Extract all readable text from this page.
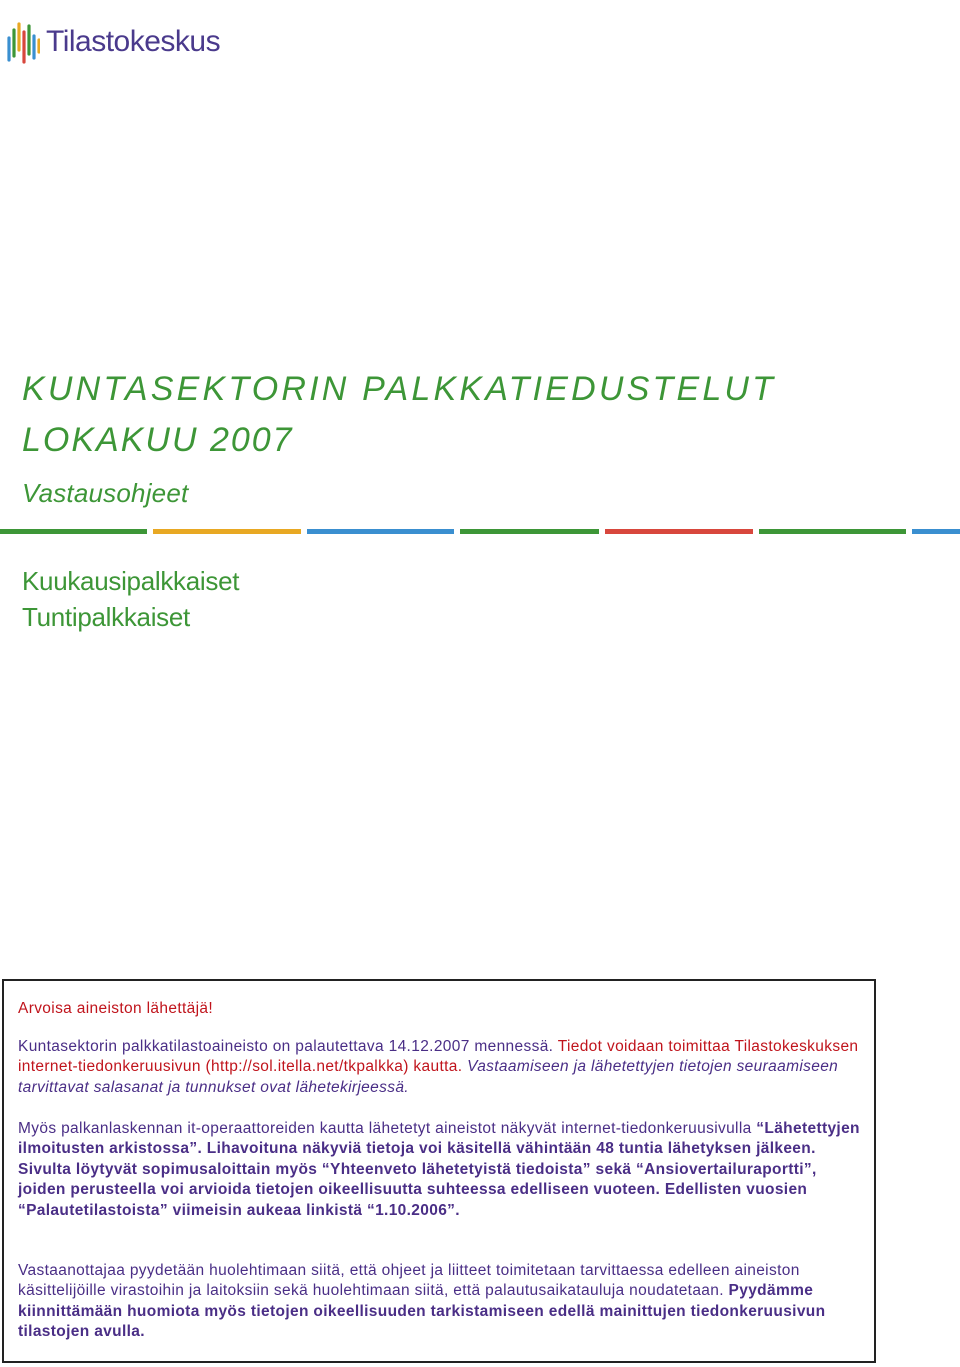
Tilastokeskus
KUNTASEKTORIN PALKKATIEDUSTELUT
LOKAKUU 2007
Vastausohjeet
Kuukausipalkkaiset
Tuntipalkkaiset

Arvoisa aineiston lähettäjä!

Kuntasektorin palkkatilastoaineisto on palautettava 14.12.2007 mennessä. Tiedot voidaan toimittaa Tilastokeskuksen internet-tiedonkeruusivun (http://sol.itella.net/tkpalkka) kautta. Vastaamiseen ja lähetettyjen tietojen seuraamiseen tarvittavat salasanat ja tunnukset ovat lähetekirjeessä.

Myös palkanlaskennan it-operaattoreiden kautta lähetetyt aineistot näkyvät internet-tiedonkeruusivulla “Lähetettyjen ilmoitusten arkistossa”. Lihavoituna näkyviä tietoja voi käsitellä vähintään 48 tuntia lähetyksen jälkeen. Sivulta löytyvät sopimusaloittain myös “Yhteenveto lähetetyistä tiedoista” sekä “Ansiovertailuraportti”, joiden perusteella voi arvioida tietojen oikeellisuutta suhteessa edelliseen vuoteen. Edellisten vuosien “Palautetilastoista” viimeisin aukeaa linkistä “1.10.2006”.

Vastaanottajaa pyydetään huolehtimaan siitä, että ohjeet ja liitteet toimitetaan tarvittaessa edelleen aineiston käsittelijöille virastoihin ja laitoksiin sekä huolehtimaan siitä, että palautusaikatauluja noudatetaan. Pyydämme kiinnittämään huomiota myös tietojen oikeellisuuden tarkistamiseen edellä mainittujen tiedonkeruusivun tilastojen avulla.
